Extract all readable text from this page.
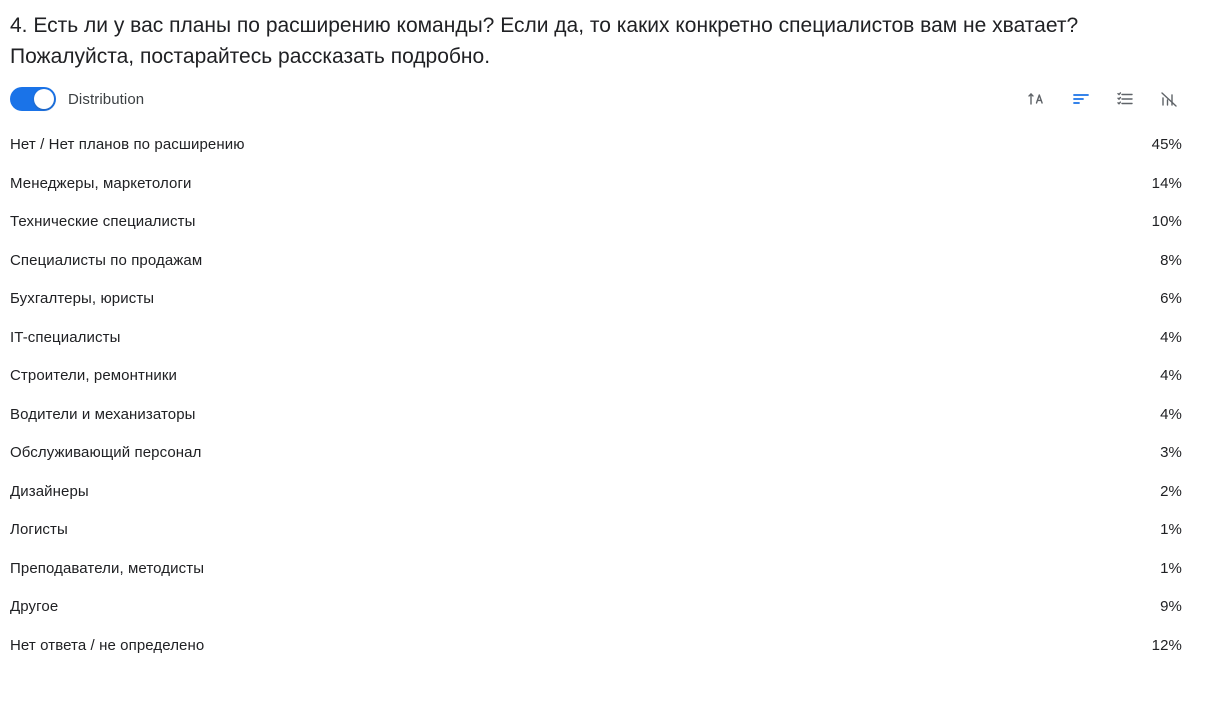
4. Есть ли у вас планы по расширению команды? Если да, то каких конкретно специалистов вам не хватает? Пожалуйста, постарайтесь рассказать подробно.
Distribution
Нет / Нет планов по расширению	45%
Менеджеры, маркетологи	14%
Технические специалисты	10%
Специалисты по продажам	8%
Бухгалтеры, юристы	6%
IT-специалисты	4%
Строители, ремонтники	4%
Водители и механизаторы	4%
Обслуживающий персонал	3%
Дизайнеры	2%
Логисты	1%
Преподаватели, методисты	1%
Другое	9%
Нет ответа / не определено	12%
